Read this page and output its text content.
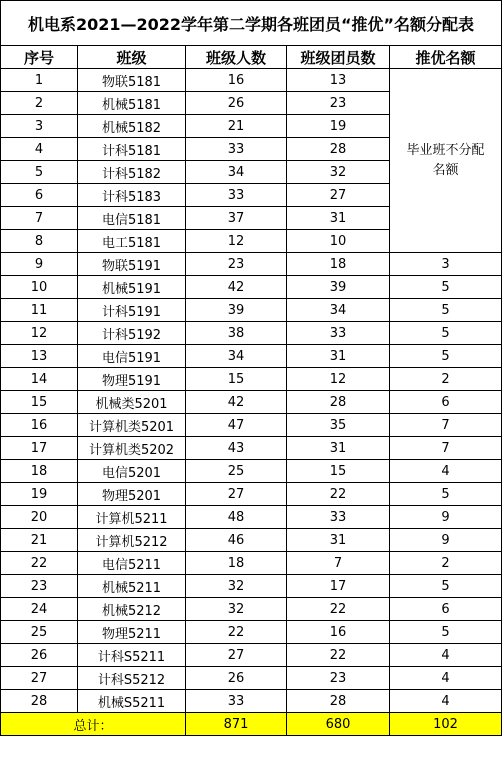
机电系2021—2022学年第二学期各班团员“推优”名额分配表				
序号	班级	班级人数	班级团员数	推优名额
1	物联5181	16	13	毕业班不分配
名额

2	机械5181	26	23	
3	机械5182	21	19	
4	计科5181	33	28	
5	计科5182	34	32	
6	计科5183	33	27	
7	电信5181	37	31	
8	电工5181	12	10	
9	物联5191	23	18	3
10	机械5191	42	39	5
11	计科5191	39	34	5
12	计科5192	38	33	5
13	电信5191	34	31	5
14	物理5191	15	12	2
15	机械类5201	42	28	6
16	计算机类5201	47	35	7
17	计算机类5202	43	31	7
18	电信5201	25	15	4
19	物理5201	27	22	5
20	计算机5211	48	33	9
21	计算机5212	46	31	9
22	电信5211	18	7	2
23	机械5211	32	17	5
24	机械5212	32	22	6
25	物理5211	22	16	5
26	计科S5211	27	22	4
27	计科S5212	26	23	4
28	机械S5211	33	28	4
总计：		871	680	102
